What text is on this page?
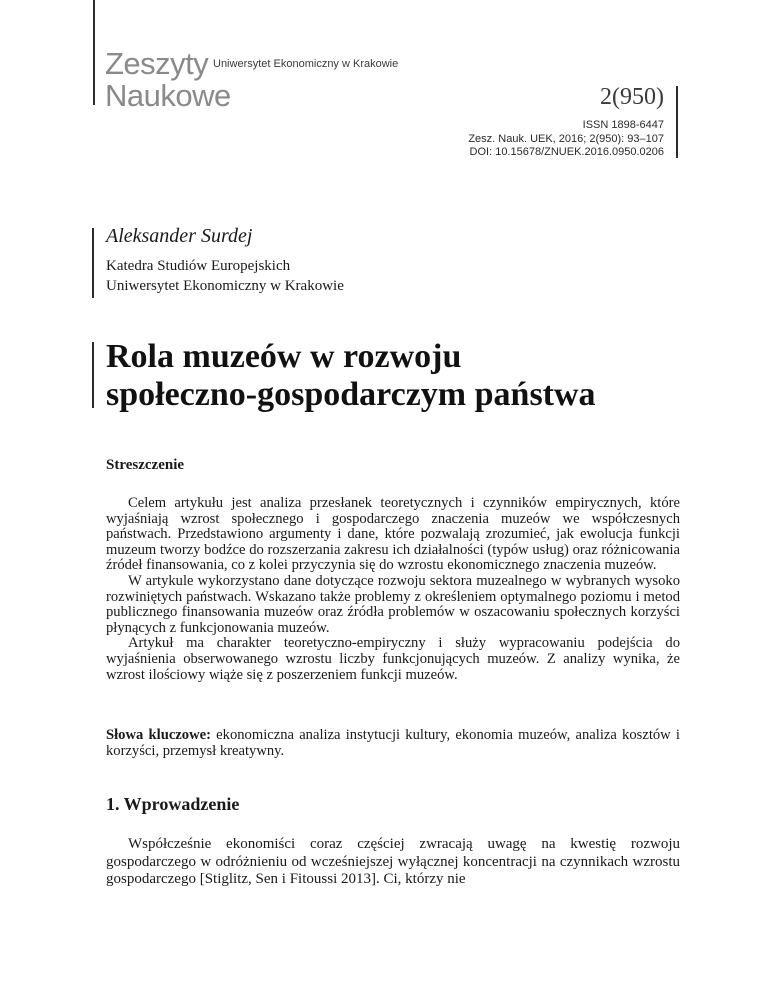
Zeszyty
Naukowe
Uniwersytet Ekonomiczny w Krakowie
2(950)
ISSN 1898-6447
Zesz. Nauk. UEK, 2016; 2(950): 93–107
DOI: 10.15678/ZNUEK.2016.0950.0206
Aleksander Surdej
Katedra Studiów Europejskich
Uniwersytet Ekonomiczny w Krakowie
Rola muzeów w rozwoju
społeczno-gospodarczym państwa
Streszczenie

Celem artykułu jest analiza przesłanek teoretycznych i czynników empirycznych, które wyjaśniają wzrost społecznego i gospodarczego znaczenia muzeów we współczesnych państwach. Przedstawiono argumenty i dane, które pozwalają zrozumieć, jak ewolucja funkcji muzeum tworzy bodźce do rozszerzania zakresu ich działalności (typów usług) oraz różnicowania źródeł finansowania, co z kolei przyczynia się do wzrostu ekonomicznego znaczenia muzeów.

W artykule wykorzystano dane dotyczące rozwoju sektora muzealnego w wybranych wysoko rozwiniętych państwach. Wskazano także problemy z określeniem optymalnego poziomu i metod publicznego finansowania muzeów oraz źródła problemów w oszacowaniu społecznych korzyści płynących z funkcjonowania muzeów.

Artykuł ma charakter teoretyczno-empiryczny i służy wypracowaniu podejścia do wyjaśnienia obserwowanego wzrostu liczby funkcjonujących muzeów. Z analizy wynika, że wzrost ilościowy wiąże się z poszerzeniem funkcji muzeów.

Słowa kluczowe: ekonomiczna analiza instytucji kultury, ekonomia muzeów, analiza kosztów i korzyści, przemysł kreatywny.
1. Wprowadzenie

Współcześnie ekonomiści coraz częściej zwracają uwagę na kwestię rozwoju gospodarczego w odróżnieniu od wcześniejszej wyłącznej koncentracji na czynnikach wzrostu gospodarczego [Stiglitz, Sen i Fitoussi 2013]. Ci, którzy nie
